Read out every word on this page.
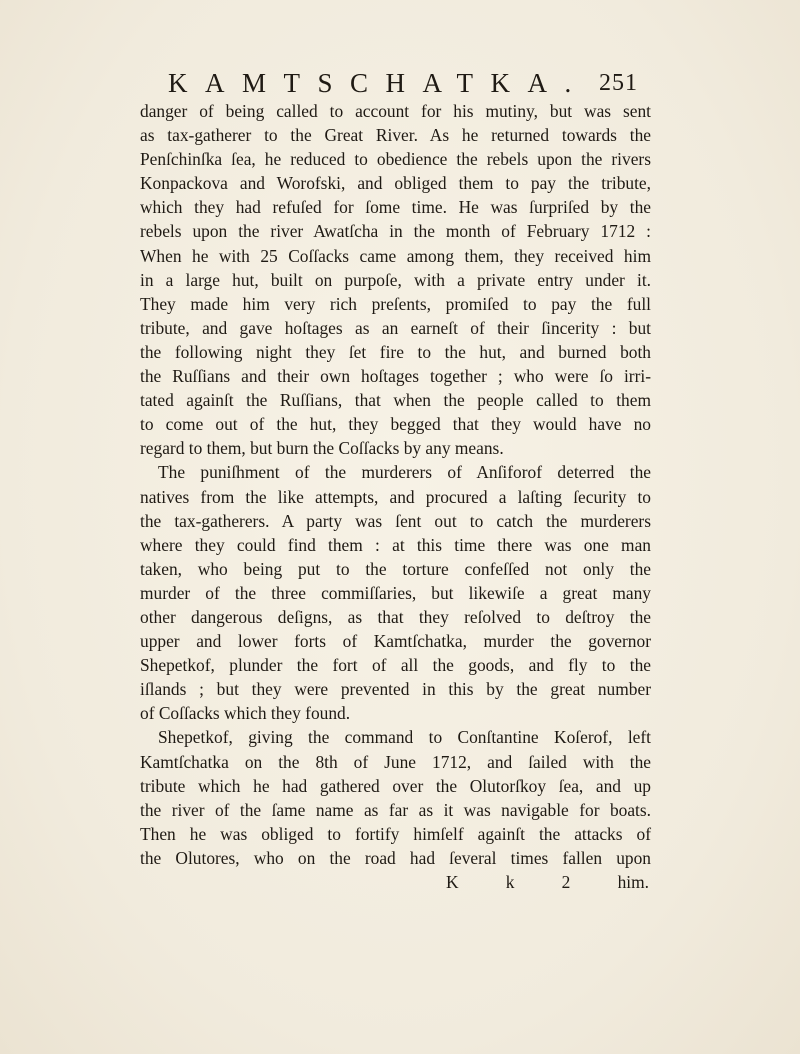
KAMTSCHATKA. 251
danger of being called to account for his mutiny, but was sent
as tax-gatherer to the Great River. As he returned towards the
Penſchinſka ſea, he reduced to obedience the rebels upon the rivers
Konpackova and Worofski, and obliged them to pay the tribute,
which they had refuſed for ſome time. He was ſurpriſed by the
rebels upon the river Awatſcha in the month of February 1712 :
When he with 25 Coſſacks came among them, they received him
in a large hut, built on purpoſe, with a private entry under it.
They made him very rich preſents, promiſed to pay the full
tribute, and gave hoſtages as an earneſt of their ſincerity : but
the following night they ſet fire to the hut, and burned both
the Ruſſians and their own hoſtages together ; who were ſo irri-
tated againſt the Ruſſians, that when the people called to them
to come out of the hut, they begged that they would have no
regard to them, but burn the Coſſacks by any means.
The puniſhment of the murderers of Anſiforof deterred the
natives from the like attempts, and procured a laſting ſecurity to
the tax-gatherers. A party was ſent out to catch the murderers
where they could find them : at this time there was one man
taken, who being put to the torture confeſſed not only the
murder of the three commiſſaries, but likewiſe a great many
other dangerous deſigns, as that they reſolved to deſtroy the
upper and lower forts of Kamtſchatka, murder the governor
Shepetkof, plunder the fort of all the goods, and fly to the
iſlands ; but they were prevented in this by the great number
of Coſſacks which they found.
Shepetkof, giving the command to Conſtantine Koſerof, left
Kamtſchatka on the 8th of June 1712, and ſailed with the
tribute which he had gathered over the Olutorſkoy ſea, and up
the river of the ſame name as far as it was navigable for boats.
Then he was obliged to fortify himſelf againſt the attacks of
the Olutores, who on the road had ſeveral times fallen upon
K k 2	him.
